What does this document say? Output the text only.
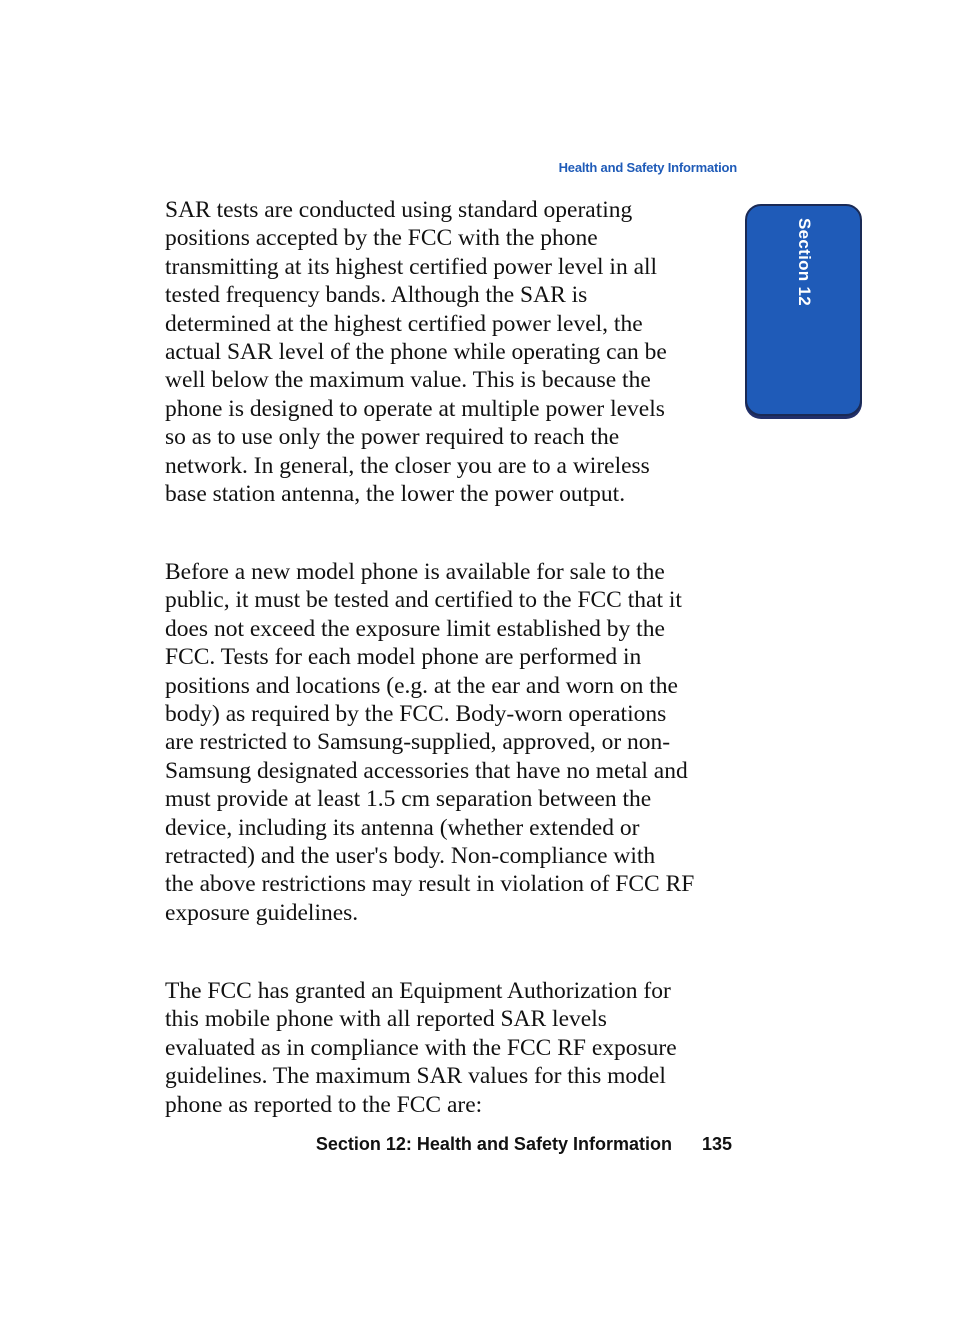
Health and Safety Information
Section 12
SAR tests are conducted using standard operating
positions accepted by the FCC with the phone
transmitting at its highest certified power level in all
tested frequency bands. Although the SAR is
determined at the highest certified power level, the
actual SAR level of the phone while operating can be
well below the maximum value. This is because the
phone is designed to operate at multiple power levels
so as to use only the power required to reach the
network. In general, the closer you are to a wireless
base station antenna, the lower the power output.
Before a new model phone is available for sale to the
public, it must be tested and certified to the FCC that it
does not exceed the exposure limit established by the
FCC. Tests for each model phone are performed in
positions and locations (e.g. at the ear and worn on the
body) as required by the FCC. Body-worn operations
are restricted to Samsung-supplied, approved, or non-
Samsung designated accessories that have no metal and
must provide at least 1.5 cm separation between the
device, including its antenna (whether extended or
retracted) and the user's body. Non-compliance with
the above restrictions may result in violation of FCC RF
exposure guidelines.
The FCC has granted an Equipment Authorization for
this mobile phone with all reported SAR levels
evaluated as in compliance with the FCC RF exposure
guidelines. The maximum SAR values for this model
phone as reported to the FCC are:
Section 12: Health and Safety Information 135
